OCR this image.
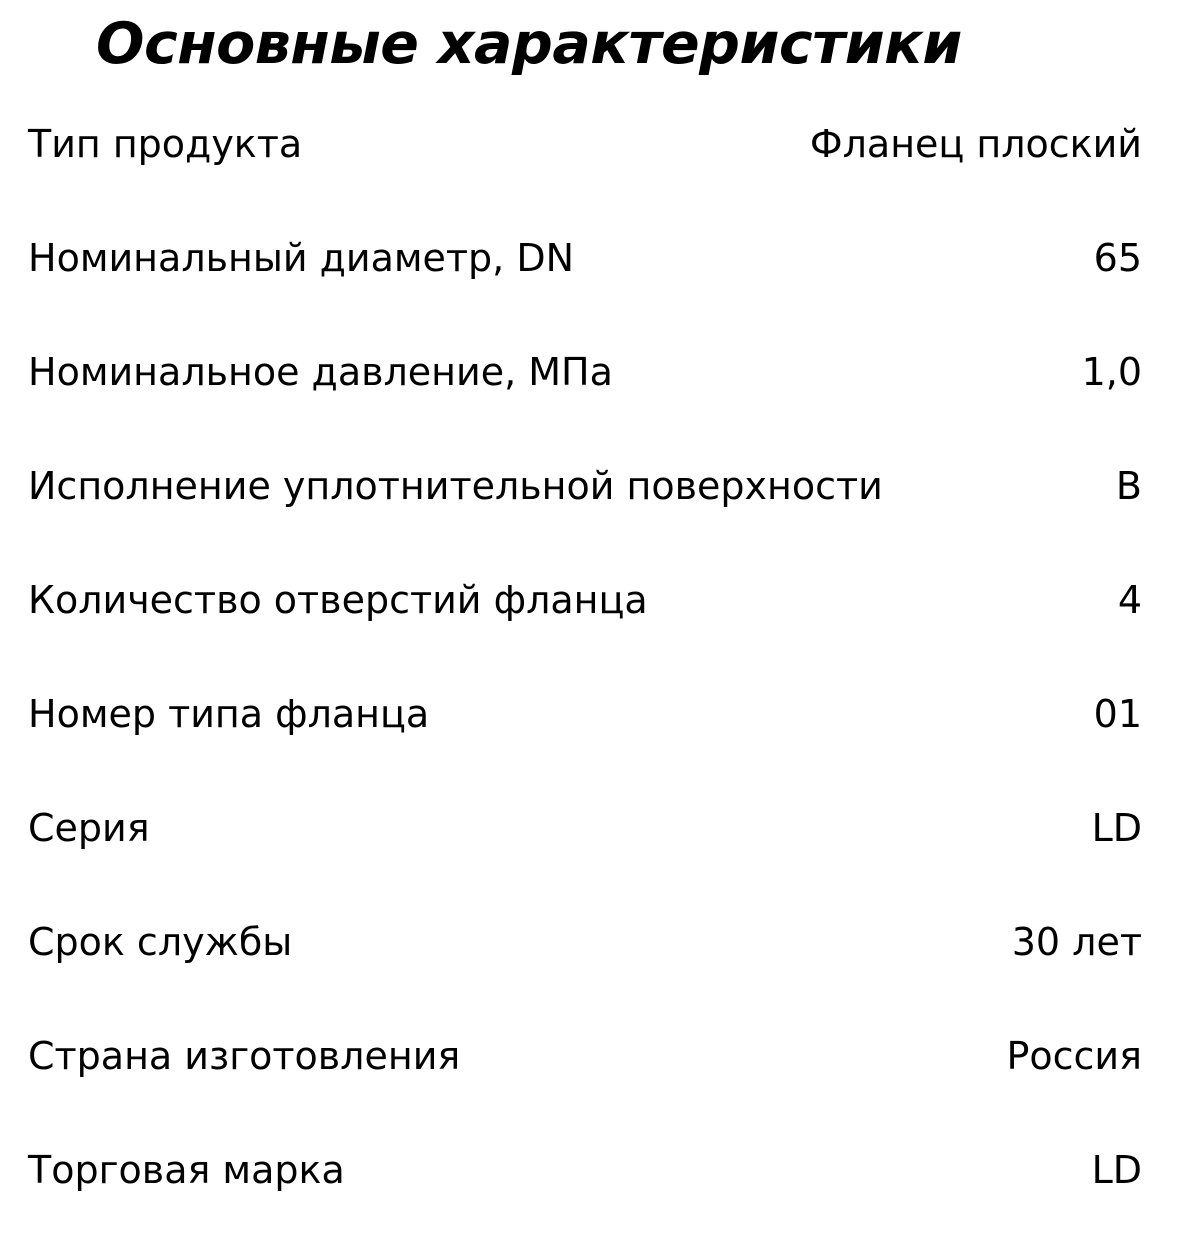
Основные характеристики
Тип продукта	Фланец плоский
Номинальный диаметр, DN	65
Номинальное давление, МПа	1,0
Исполнение уплотнительной поверхности	B
Количество отверстий фланца	4
Номер типа фланца	01
Серия	LD
Срок службы	30 лет
Страна изготовления	Россия
Торговая марка	LD
